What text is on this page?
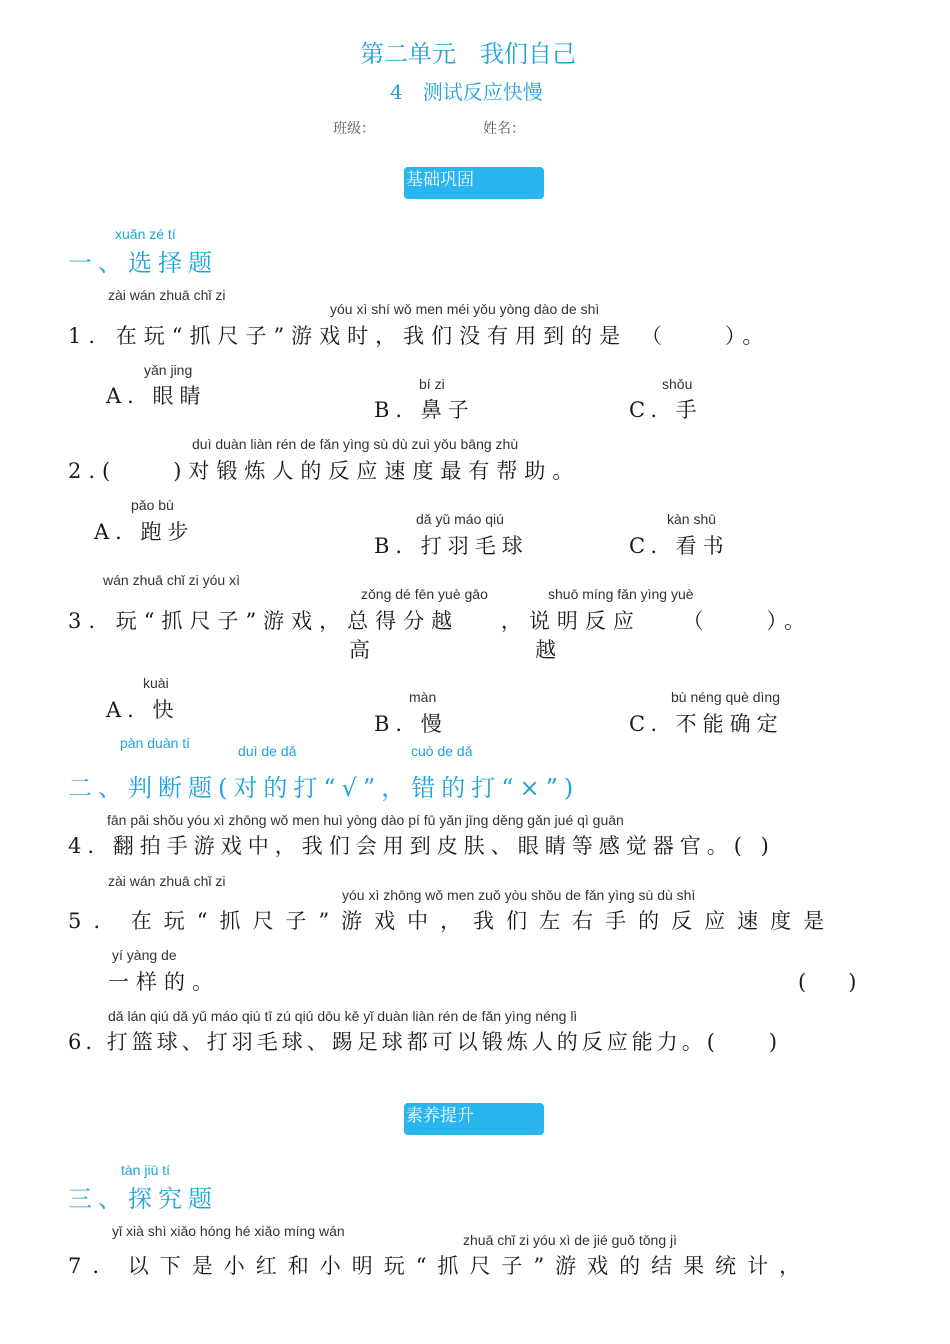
第二单元　我们自己
4　测试反应快慢
班级：	姓名：
基础巩固
xuǎn zé tí
一、选择题
zài wán zhuā chǐ zi
yóu xì shí wǒ men méi yǒu yòng dào de shì
1. 在玩“抓尺子”游戏时，我们没有用到的是 （　　）。
yǎn jing
A. 眼睛	bí zi
B. 鼻子
shǒu
C. 手
duì duàn liàn rén de fǎn yìng sù dù zuì yǒu bāng zhù
2.(　　)对锻炼人的反应速度最有帮助。
pǎo bù
A. 跑步
dǎ yǔ máo qiú
B. 打羽毛球
kàn shū
C. 看书
wán zhuā chǐ zi yóu xì
zǒng dé fēn yuè gāo	shuō míng fǎn yìng yuè
3. 玩“抓尺子”游戏，总得分越　 ，说明反应　 （　　）。
高	越
kuài
A. 快
màn
B. 慢
bù néng què dìng
C. 不能确定
pàn duàn tí	duì de dǎ	cuò de dǎ
二、判断题(对的打“√”，错的打“×”)
fān pāi shǒu yóu xì zhōng wǒ men huì yòng dào pí fū yǎn jīng děng gǎn jué qì guān
4. 翻拍手游戏中，我们会用到皮肤、眼睛等感觉器官。( )
zài wán zhuā chǐ zi
yóu xì zhōng wǒ men zuǒ yòu shǒu de fǎn yìng sù dù shì
5. 在玩“抓尺子”游戏中，我们左右手的反应速度是
yí yàng de
一样的。	(　　)
dǎ lán qiú dǎ yǔ máo qiú tī zú qiú dōu kě yǐ duàn liàn rén de fǎn yìng néng lì
6. 打篮球、打羽毛球、踢足球都可以锻炼人的反应能力。(　　)
素养提升
tàn jiū tí
三、探究题
yǐ xià shì xiǎo hóng hé xiǎo míng wán
zhuā chǐ zi yóu xì de jié guǒ tǒng jì
7. 以下是小红和小明玩“抓尺子”游戏的结果统计，
